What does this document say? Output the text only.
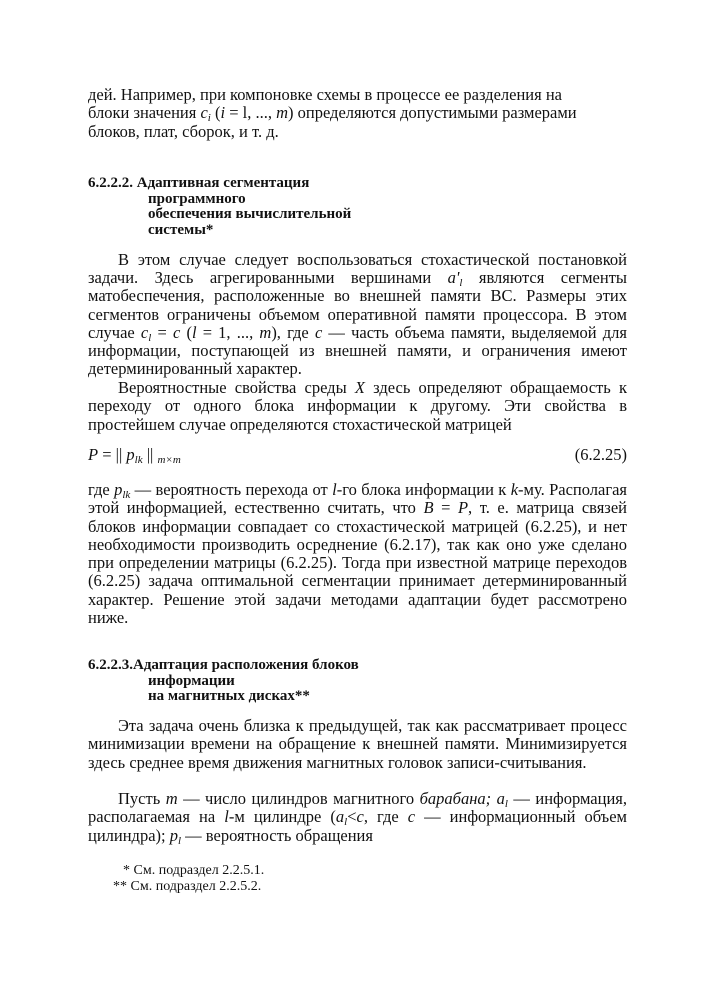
дей. Например, при компоновке схемы в процессе ее разделения на
блоки значения $c_i$ (i = l, ..., m) определяются допустимыми размерами
блоков, плат, сборок, и т. д.
6.2.2.2. Адаптивная сегментация
программного
обеспечения вычислительной
системы*
В этом случае следует воспользоваться стохастической постановкой задачи. Здесь агрегированными вершинами $a'_l$ являются сегменты матобеспечения, расположенные во внешней памяти ВС. Размеры этих сегментов ограничены объемом оперативной памяти процессора. В этом случае $c_l = c$ (l = 1, ..., m), где c — часть объема памяти, выделяемой для информации, поступающей из внешней памяти, и ограничения имеют детерминированный характер.
Вероятностные свойства среды X здесь определяют обращаемость к переходу от одного блока информации к другому. Эти свойства в простейшем случае определяются стохастической матрицей
P = || $p_{lk}$ || $_{m\times m}$	(6.2.25)
где $p_{lk}$ — вероятность перехода от l-го блока информации к k-му. Располагая этой информацией, естественно считать, что B = P, т. е. матрица связей блоков информации совпадает со стохастической матрицей (6.2.25), и нет необходимости производить осреднение (6.2.17), так как оно уже сделано при определении матрицы (6.2.25). Тогда при известной матрице переходов (6.2.25) задача оптимальной сегментации принимает детерминированный характер. Решение этой задачи методами адаптации будет рассмотрено ниже.
6.2.2.3.Адаптация расположения блоков
информации
на магнитных дисках**
Эта задача очень близка к предыдущей, так как рассматривает процесс минимизации времени на обращение к внешней памяти. Минимизируется здесь среднее время движения магнитных головок записи-считывания.
Пусть m — число цилиндров магнитного барабана; $a_l$ — информация, располагаемая на l-м цилиндре ($a_l<c$, где c — информационный объем цилиндра); $p_l$ — вероятность обращения
* См. подраздел 2.2.5.1.
** См. подраздел 2.2.5.2.
